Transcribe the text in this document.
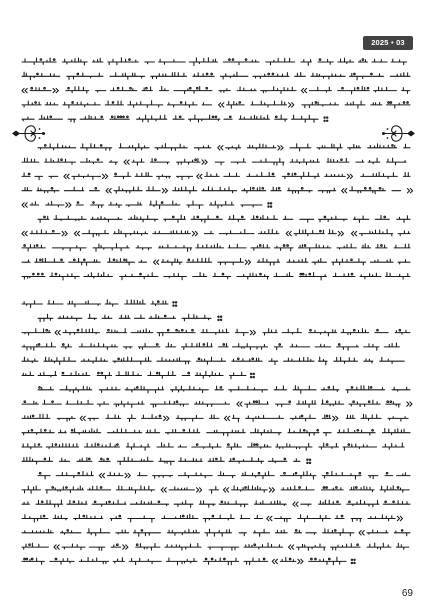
2025 • 03
69
